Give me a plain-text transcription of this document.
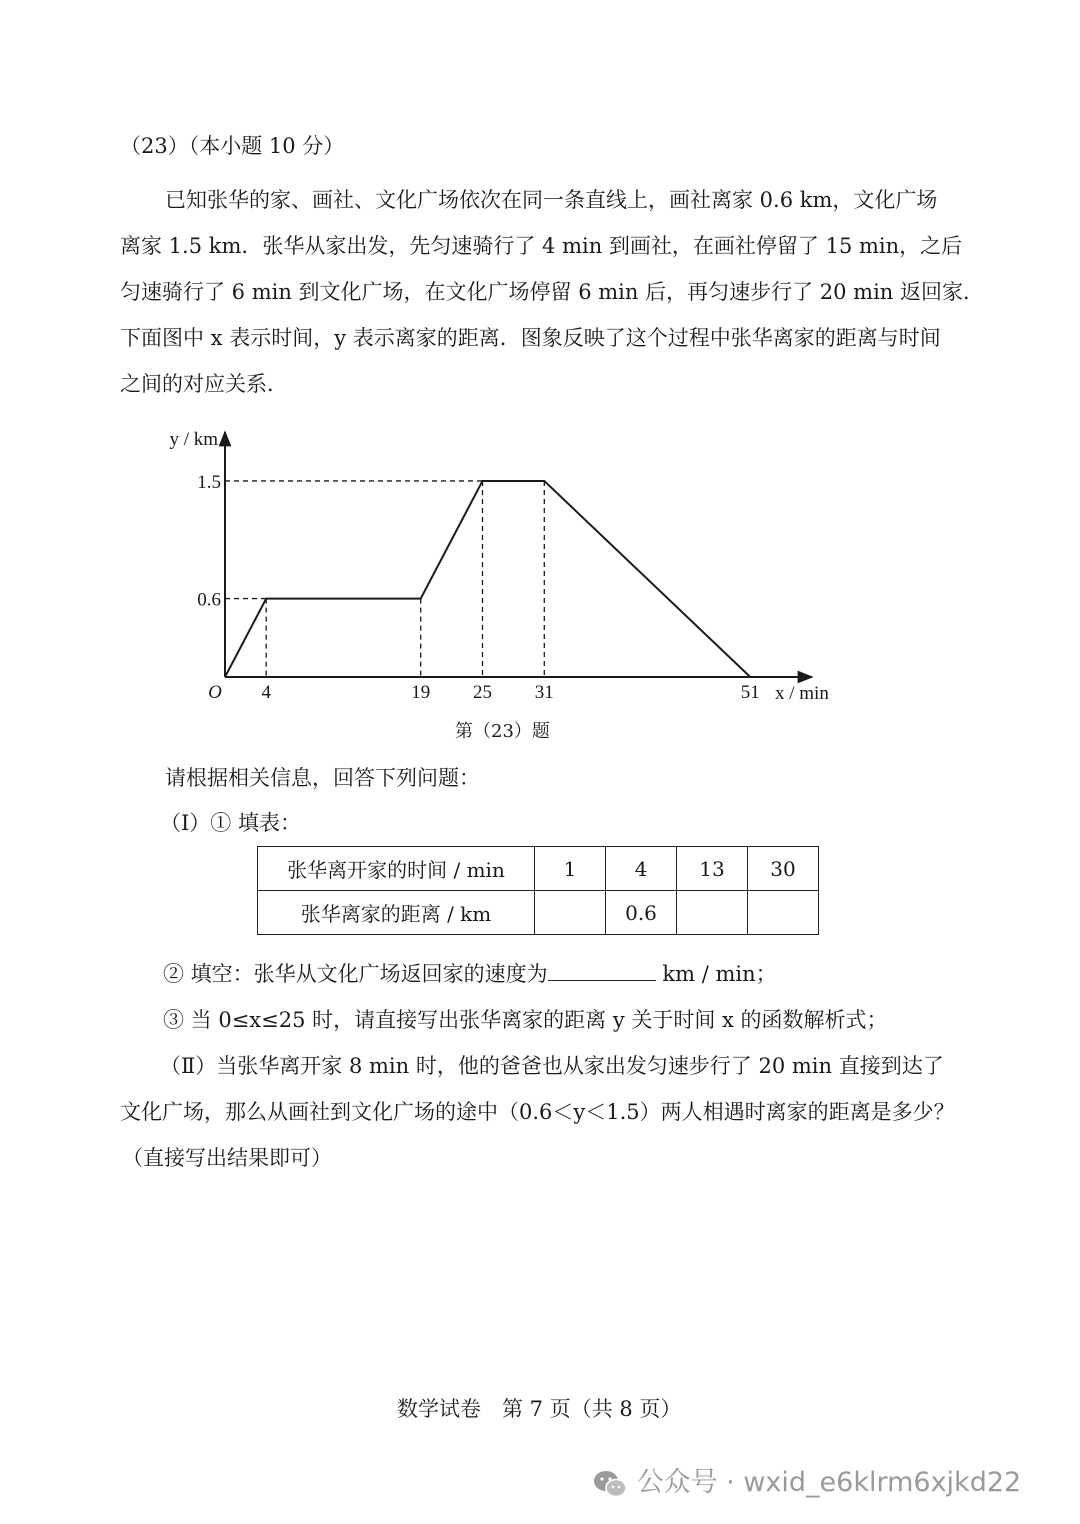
（23）（本小题 10 分）
已知张华的家、画社、文化广场依次在同一条直线上，画社离家 0.6 km，文化广场
离家 1.5 km．张华从家出发，先匀速骑行了 4 min 到画社，在画社停留了 15 min，之后
匀速骑行了 6 min 到文化广场，在文化广场停留 6 min 后，再匀速步行了 20 min 返回家．
下面图中 x 表示时间，y 表示离家的距离．图象反映了这个过程中张华离家的距离与时间
之间的对应关系．
4	19 25 31	51
0.6
1.5
O	x / min
y / km
第（23）题
请根据相关信息，回答下列问题：
（Ⅰ）① 填表：
张华离开家的时间 / min	1	4	13	30
张华离家的距离 / km		0.6		
② 填空：张华从文化广场返回家的速度为	km / min；
③ 当 0≤x≤25 时，请直接写出张华离家的距离 y 关于时间 x 的函数解析式；
（Ⅱ）当张华离开家 8 min 时，他的爸爸也从家出发匀速步行了 20 min 直接到达了
文化广场，那么从画社到文化广场的途中（0.6＜y＜1.5）两人相遇时离家的距离是多少？
（直接写出结果即可）
数学试卷　第 7 页（共 8 页）
公众号 · wxid_e6klrm6xjkd22
